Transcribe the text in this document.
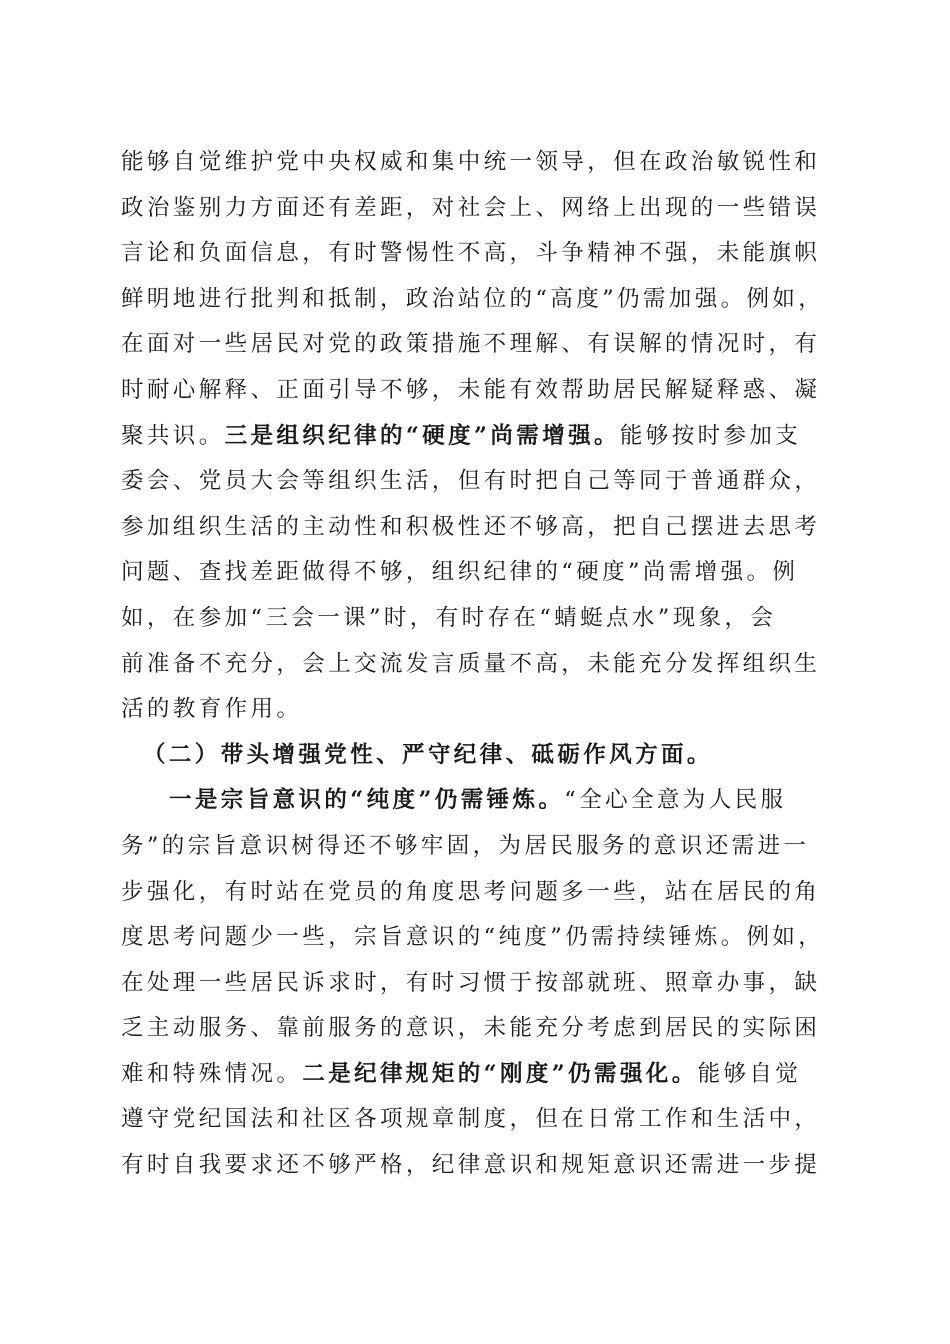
能够自觉维护党中央权威和集中统一领导，但在政治敏锐性和
政治鉴别力方面还有差距，对社会上、网络上出现的一些错误
言论和负面信息，有时警惕性不高，斗争精神不强，未能旗帜
鲜明地进行批判和抵制，政治站位的“高度”仍需加强。例如，
在面对一些居民对党的政策措施不理解、有误解的情况时，有
时耐心解释、正面引导不够，未能有效帮助居民解疑释惑、凝
聚共识。三是组织纪律的“硬度”尚需增强。能够按时参加支
委会、党员大会等组织生活，但有时把自己等同于普通群众，
参加组织生活的主动性和积极性还不够高，把自己摆进去思考
问题、查找差距做得不够，组织纪律的“硬度”尚需增强。例
如，在参加“三会一课”时，有时存在“蜻蜓点水”现象，会
前准备不充分，会上交流发言质量不高，未能充分发挥组织生
活的教育作用。
（二）带头增强党性、严守纪律、砥砺作风方面。
一是宗旨意识的“纯度”仍需锤炼。“全心全意为人民服
务”的宗旨意识树得还不够牢固，为居民服务的意识还需进一
步强化，有时站在党员的角度思考问题多一些，站在居民的角
度思考问题少一些，宗旨意识的“纯度”仍需持续锤炼。例如，
在处理一些居民诉求时，有时习惯于按部就班、照章办事，缺
乏主动服务、靠前服务的意识，未能充分考虑到居民的实际困
难和特殊情况。二是纪律规矩的“刚度”仍需强化。能够自觉
遵守党纪国法和社区各项规章制度，但在日常工作和生活中，
有时自我要求还不够严格，纪律意识和规矩意识还需进一步提
